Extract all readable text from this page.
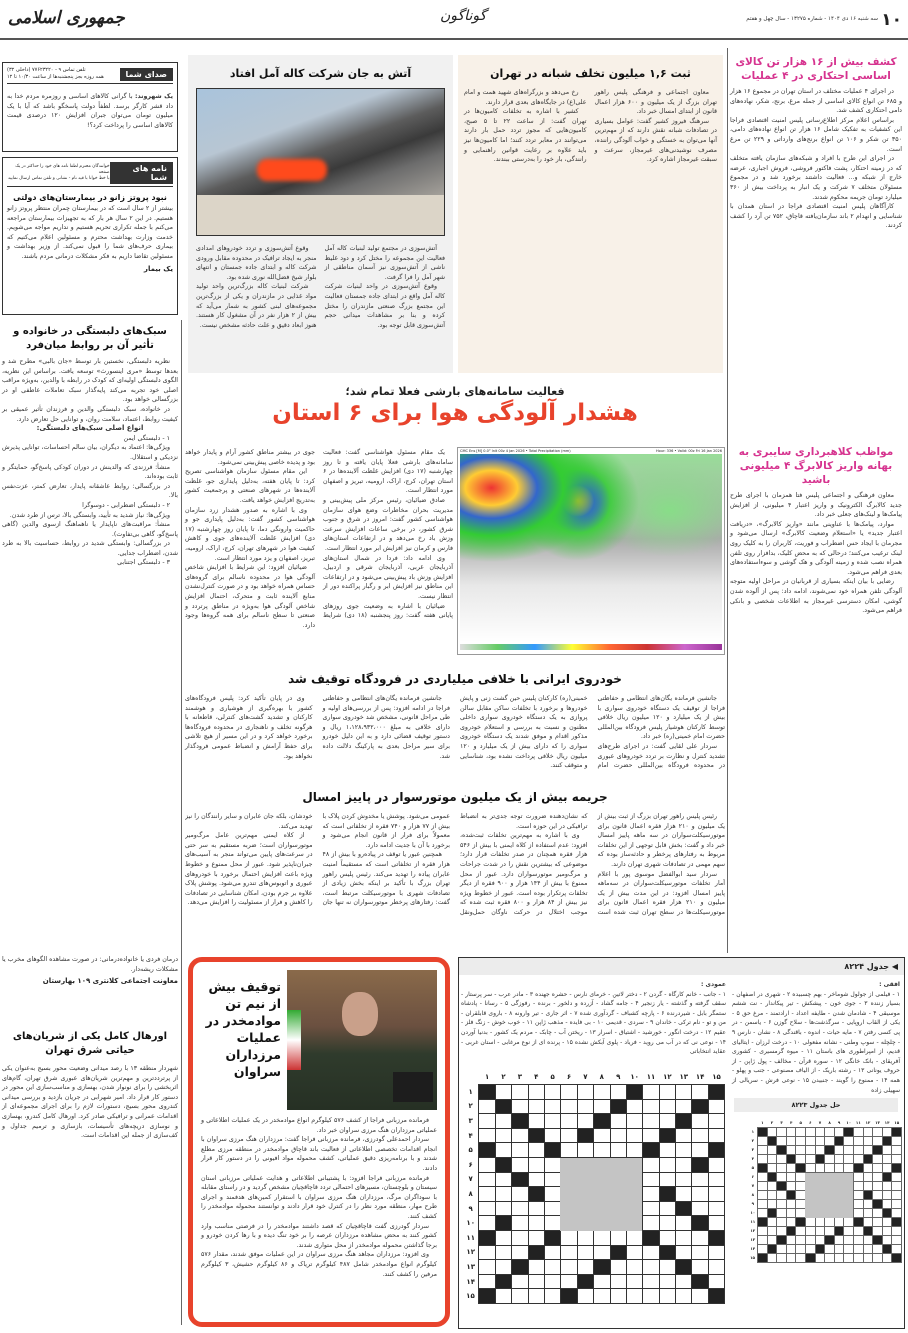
۱۰
سه شنبه ۱۶ دی ۱۴۰۴ - شماره ۱۳۲۷۵ - سال چهل و هفتم
گوناگون
جمهوری اسلامی
کشف بیش از ۱۶ هزار تن کالای اساسی احتکاری در ۴ عملیات

در اجرای ۴ عملیات مختلف در استان تهران در مجموع ۱۶ هزار و ۶۸۵ تن انواع کالای اساسی از جمله مرغ، برنج، شکر، نهاده‌های دامی احتکاری کشف شد.

براساس اعلام مرکز اطلاع‌رسانی پلیس امنیت اقتصادی فراجا این کشفیات به تفکیک شامل ۱۶ هزار تن انواع نهاده‌های دامی، ۳۵۰ تن شکر و ۱۰۶ تن انواع برنج‌های وارداتی و ۲۲۹ تن مرغ است.

در اجرای این طرح با افراد و شبکه‌های سازمان یافته متخلف که در زمینه احتکار، پشت فاکتور فروشی، فروش اجباری، عرضه خارج از شبکه و... فعالیت داشتند برخورد شد و در مجموع مسئولان متخلف ۷ شرکت و یک انبار به پرداخت بیش از ۳۶۰ میلیارد تومان جریمه محکوم شدند.

کارآگاهان پلیس امنیت اقتصادی فراجا در استان همدان با شناسایی و انهدام ۲ باند سازمان‌یافته قاچاق، ۷۵۲ تن آرد را کشف کردند.

مواظب کلاهبرداری سایبری به بهانه واریز کالابرگ ۴ میلیونی باشید

معاون فرهنگی و اجتماعی پلیس فتا همزمان با اجرای طرح جدید کالابرگ الکترونیک و واریز اعتبار ۴ میلیونی، از افزایش پیامک‌ها و لینک‌های جعلی خبر داد.

موارد، پیامک‌ها با عناوینی مانند «واریز کالابرگ»، «دریافت اعتبار جدید» یا «استعلام وضعیت کالابرگ» ارسال می‌شود و مجرمان با ایجاد حس اضطراب و فوریت، کاربران را به کلیک روی لینک ترغیب می‌کنند؛ درحالی که به محض کلیک، بدافزار روی تلفن همراه نصب شده و زمینه آلودگی و هک گوشی و سوءاستفاده‌های بعدی فراهم می‌شود.

رضایی با بیان اینکه بسیاری از قربانیان در مراحل اولیه متوجه آلودگی تلفن همراه خود نمی‌شوند، ادامه داد: پس از آلوده شدن گوشی، امکان دسترسی غیرمجاز به اطلاعات شخصی و بانکی فراهم می‌شود.

ثبت ۱,۶ میلیون تخلف شبانه در تهران

معاون اجتماعی و فرهنگی پلیس راهور تهران بزرگ از یک میلیون و ۶۰۰ هزار اعمال قانون از ابتدای امسال خبر داد.

سرهنگ فیروز کشیر گفت: عوامل بسیاری در تصادفات شبانه نقش دارند که از مهم‌ترین آنها می‌توان به خستگی و خواب آلودگی راننده، مصرف نوشیدنی‌های غیرمجاز، سرعت و سبقت غیرمجاز اشاره کرد.

رخ می‌دهد و بزرگراه‌های شهید همت و امام علی(ع) در جایگاه‌های بعدی قرار دارند.

کشیر با اشاره به تخلفات کامیون‌ها در تهران گفت: از ساعت ۲۲ تا ۵ صبح، کامیون‌هایی که مجوز تردد حمل بار دارند می‌توانند در معابر تردد کنند؛ اما کامیون‌ها نیز باید علاوه بر رعایت قوانین راهنمایی و رانندگی، بار خود را به‌درستی ببندند.

آتش به جان شرکت کاله آمل افتاد

آتش‌سوزی در مجتمع تولید لبنیات کاله آمل فعالیت این مجموعه را مختل کرد و دود غلیظ ناشی از آتش‌سوزی نیز آسمان مناطقی از شهر آمل را فرا گرفت.

وقوع آتش‌سوزی در واحد لبنیات شرکت کاله آمل واقع در ابتدای جاده جمستان فعالیت این مجتمع بزرگ صنعتی مازندران را مختل کرده و بنا بر مشاهدات میدانی حجم آتش‌سوزی قابل توجه بود.

وقوع آتش‌سوزی و تردد خودروهای امدادی منجر به ایجاد ترافیک در محدوده مقابل ورودی شرکت کاله و ابتدای جاده جمستان و انتهای بلوار شیخ فضل‌الله نوری شده بود.

شرکت لبنیات کاله بزرگ‌ترین واحد تولید مواد غذایی در مازندران و یکی از بزرگ‌ترین مجموعه‌های لبنی کشور به شمار می‌آید که بیش از ۲ هزار نفر در آن مشغول کار هستند. هنوز ابعاد دقیق و علت حادثه مشخص نیست.

صدای شما
تلفن تماس ۹ - ۷۷۶۲۳۲۲۰ (داخلی ۳۲)
همه روزه بجز پنجشنبه‌ها از ساعت ۱۰/۳۰ تا ۱۲
یک شهروند: با گرانی کالاهای اساسی و روزمره مردم خدا به داد قشر کارگر برسد. لطفاً دولت پاسخگو باشد که آیا با یک میلیون تومان می‌توان جبران افزایش ۱۲۰ درصدی قیمت کالاهای اساسی را پرداخت کرد؟!
نامه های شما
خوانندگان محترم لطفا نامه های خود را حداکثر در یک صفحه
با خط خوانا با قید نام - نشانی و تلفن تماس ارسال نمایید
نبود پروتز زانو در بیمارستان‌های دولتی
بیشتر از ۲ سال است که در بیمارستان چمران منتظر پروتز زانو هستیم. در این ۲ سال هر بار که به تجهیزات بیمارستان مراجعه می‌کنم با جمله تکراری تحریم هستیم و نداریم مواجه می‌شویم. خدمت وزارت بهداشت محترم و مسئولین اعلام می‌کنیم که بیماری حرف‌های شما را قبول نمی‌کند. از وزیر بهداشت و مسئولین تقاضا داریم به فکر مشکلات درمانی مردم باشند.
یک بیمار
سبک‌های دلبستگی در خانواده و تأثیر آن بر روابط میان‌فرد

نظریه دلبستگی، نخستین بار توسط «جان بالبی» مطرح شد و بعدها توسط «مری اینسورث» توسعه یافت. براساس این نظریه، الگوی دلبستگی اولیه‌ای که کودک در رابطه با والدین، به‌ویژه مراقب اصلی خود تجربه می‌کند پایه‌گذار سبک تعاملات عاطفی او در بزرگسالی خواهد بود.

در خانواده، سبک دلبستگی والدین و فرزندان تأثیر عمیقی بر کیفیت روابط، اعتماد، سلامت روان، و توانایی حل تعارض دارد.

انواع اصلی سبک‌های دلبستگی:

۱ - دلبستگی ایمن

ویژگی‌ها: اعتماد به دیگران، بیان سالم احساسات، توانایی پذیرش نزدیکی و استقلال.

منشأ: فرزندی که والدینش در دوران کودکی پاسخ‌گو، حمایتگر و ثابت بوده‌اند.

در بزرگسالی: روابط عاشقانه پایدار، تعارض کمتر، عزت‌نفس بالا.

۲ - دلبستگی اضطرابی - دوسوگرا

ویژگی‌ها: نیاز شدید به تأیید، وابستگی بالا، ترس از طرد شدن.

منشأ: مراقبت‌های ناپایدار یا ناهماهنگ ازسوی والدین (گاهی پاسخ‌گو، گاهی بی‌تفاوت).

در بزرگسالی: وابستگی شدید در روابط، حساسیت بالا به طرد شدن، اضطراب جدایی.

۳ - دلبستگی اجتنابی

درمان فردی یا خانواده‌درمانی: در صورت مشاهده الگوهای مخرب یا مشکلات ریشه‌دار.
معاونت اجتماعی کلانتری ۱۰۹ بهارستان
اورهال کامل یکی از شریان‌های حیاتی شرق تهران
شهردار منطقه ۱۳ با رصد میدانی وضعیت محور بسیج به‌عنوان یکی از پرترددترین و مهم‌ترین شریان‌های عبوری شرق تهران، گام‌های اثربخشی را برای نونوار شدن، بهسازی و مناسب‌سازی این محور در دستور کار قرار داد. امیر شهرابی در جریان بازدید و بررسی میدانی کندروی محور بسیج، دستورات لازم را برای اجرای مجموعه‌ای از اقدامات عمرانی و ترافیکی صادر کرد. اورهال کامل کندرو، بهسازی و نوسازی دریچه‌های تأسیسات، بازسازی و ترمیم جداول و کف‌سازی از جمله این اقدامات است.
فعالیت سامانه‌های بارشی فعلا تمام شد؛
هشدار آلودگی هوا برای ۶ استان
CMC Ens [M] 0.0° Init 00z 4 Jan 2026 • Total Precipitation (mm)	Hour: 336 • Valid: 00z Fri 16 Jan 2026

یک مقام مسئول هواشناسی گفت: فعالیت سامانه‌های بارشی فعلا پایان یافته و تا روز چهارشنبه (۱۷ دی) افزایش غلظت آلاینده‌ها در ۶ استان تهران، کرج، اراک، ارومیه، تبریز و اصفهان مورد انتظار است.

صادق ضیائیان، رئیس مرکز ملی پیش‌بینی و مدیریت بحران مخاطرات وضع هوای سازمان هواشناسی کشور گفت: امروز در شرق و جنوب شرق کشور، در برخی ساعات افزایش سرعت وزش باد رخ می‌دهد و در ارتفاعات استان‌های فارس و کرمان نیز افزایش ابر مورد انتظار است.

وی ادامه داد: فردا در شمال استان‌های آذربایجان غربی، آذربایجان شرقی و اردبیل، افزایش وزش باد پیش‌بینی می‌شود و در ارتفاعات این مناطق نیز افزایش ابر و رگبار پراکنده دور از انتظار نیست.

ضیائیان با اشاره به وضعیت جوی روزهای پایانی هفته گفت: روز پنجشنبه (۱۸ دی) شرایط جوی در بیشتر مناطق کشور آرام و پایدار خواهد بود و پدیده خاصی پیش‌بینی نمی‌شود.

این مقام مسئول سازمان هواشناسی تصریح کرد: تا پایان هفته، به‌دلیل پایداری جو، غلظت آلاینده‌ها در شهرهای صنعتی و پرجمعیت کشور به‌تدریج افزایش خواهد یافت.

وی با اشاره به صدور هشدار زرد سازمان هواشناسی کشور گفت: به‌دلیل پایداری جو و حاکمیت وارونگی دما، تا پایان روز چهارشنبه (۱۷ دی) افزایش غلظت آلاینده‌های جوی و کاهش کیفیت هوا در شهرهای تهران، کرج، اراک، ارومیه، تبریز، اصفهان و یزد مورد انتظار است.

ضیائیان افزود: این شرایط با افزایش شاخص آلودگی هوا در محدوده ناسالم برای گروه‌های حساس همراه خواهد بود و در صورت کنترل‌نشدن منابع آلاینده ثابت و متحرک، احتمال افزایش شاخص آلودگی هوا به‌ویژه در مناطق پرتردد و صنعتی تا سطح ناسالم برای همه گروه‌ها وجود دارد.

خودروی ایرانی با خلافی میلیاردی در فرودگاه توقیف شد

جانشین فرمانده یگان‌های انتظامی و حفاظتی فراجا از توقیف یک دستگاه خودروی سواری با بیش از یک میلیارد و ۱۲۰ میلیون ریال خلافی توسط کارکنان هوشیار پلیس فرودگاه بین‌المللی حضرت امام خمینی(ره) خبر داد.

سردار علی لقایی گفت: در اجرای طرح‌های تشدید کنترل و نظارت بر تردد خودروهای عبوری در محدوده فرودگاه بین‌المللی حضرت امام خمینی(ره) کارکنان پلیس حین گشت زنی و پایش خودروها و برخورد با تخلفات ساکن مقابل سالن پروازی به یک دستگاه خودروی سواری داخلی مظنون و نسبت به بررسی و استعلام خودروی مذکور اقدام و موفق شدند یک دستگاه خودروی سواری را که دارای بیش از یک میلیارد و ۱۲۰ میلیون ریال خلافی پرداخت نشده بود، شناسایی و متوقف کنند.

جانشین فرمانده یگان‌های انتظامی و حفاظتی فراجا در ادامه افزود: پس از بررسی‌های اولیه و طی مراحل قانونی، مشخص شد خودروی سواری دارای خلافی به مبلغ ۱،۱۲۸،۹۳۲،۰۰۰ ریال و دستور توقیف قضائی دارد و به این دلیل خودرو برای سیر مراحل بعدی به پارکینگ دلالت داده شد.

وی در پایان تأکید کرد: پلیس فرودگاه‌های کشور با بهره‌گیری از هوشیاری و هوشمند کارکنان و تشدید گشت‌های کنترلی، قاطعانه با هرگونه تخلف و ناهنجاری در محدوده فرودگاه‌ها برخورد خواهد کرد و در این مسیر از هیچ تلاشی برای حفظ آرامش و انضباط عمومی فرودگذار نخواهد بود.

جریمه بیش از یک میلیون موتورسوار در پاییز امسال

رئیس پلیس راهور تهران بزرگ از ثبت بیش از یک میلیون و ۲۱۰ هزار فقره اعمال قانون برای موتورسیکلت‌سواران در سه ماهه پاییز امسال خبر داد و گفت: بخش قابل توجهی از این تخلفات مربوط به رفتارهای پرخطر و حادثه‌ساز بوده که سهم مهمی در تصادفات شهری تهران دارند.

سردار سید ابوالفضل موسوی پور با اعلام آمار تخلفات موتورسیکلت‌سواران در سه‌ماهه پاییز امسال افزود: در این مدت بیش از یک میلیون و ۲۱۰ هزار فقره اعمال قانون برای موتورسیکلت‌ها در سطح تهران ثبت شده است که نشان‌دهنده ضرورت توجه جدی‌تر به انضباط ترافیکی در این حوزه است.

وی با اشاره به مهم‌ترین تخلفات ثبت‌شده، افزود: عدم استفاده از کلاه ایمنی با بیش از ۵۴۶ هزار فقره همچنان در صدر تخلفات قرار دارد؛ موضوعی که بیشترین نقش را در شدت جراحات و مرگ‌ومیر موتورسواران دارد. عبور از محل ممنوع با بیش از ۱۴۴ هزار و ۹۰۰ فقره از دیگر تخلفات پرتکرار بوده است. عبور از خطوط ویژه نیز بیش از ۸۴ هزار و ۸۰۰ فقره ثبت شده که موجب اختلال در حرکت ناوگان حمل‌ونقل عمومی می‌شود. پوشش یا مخدوش کردن پلاک با بیش از ۷۷ هزار و ۷۴۰ فقره از تخلفاتی است که معمولاً برای فرار از قانون انجام می‌شود و برخورد با آن با جدیت ادامه دارد.

همچنین عبور یا توقف در پیاده‌رو با بیش از ۴۸ هزار فقره از تخلفاتی است که مستقیماً امنیت عابران پیاده را تهدید می‌کند. رئیس پلیس راهور تهران بزرگ با تأکید بر اینکه بخش زیادی از تصادفات شهری با موتورسیکلت مرتبط است، گفت: رفتارهای پرخطر موتورسواران نه تنها جان خودشان، بلکه جان عابران و سایر رانندگان را نیز تهدید می‌کند.

از کلاه ایمنی مهم‌ترین عامل مرگ‌ومیر موتورسواران است؛ ضربه مستقیم به سر حتی در سرعت‌های پایین می‌تواند منجر به آسیب‌های جبران‌ناپذیر شود. عبور از محل ممنوع و خطوط ویژه باعث افزایش احتمال برخورد با خودروهای عبوری و اتوبوس‌های تندرو می‌شود. پوشش پلاک علاوه بر جرم بودن، امکان شناسایی در تصادفات را کاهش و فرار از مسئولیت را افزایش می‌دهد.

توقیف بیش از نیم تن موادمخدر در عملیات مرزداران سراوان

فرمانده مرزبانی فراجا از کشف ۵۷۶ کیلوگرم انواع موادمخدر در یک عملیات اطلاعاتی و عملیاتی مرزداران هنگ مرزی سراوان خبر داد.

سردار احمدعلی گودرزی، فرمانده مرزبانی فراجا گفت: مرزداران هنگ مرزی سراوان با انجام اقدامات تخصصی اطلاعاتی از فعالیت باند قاچاق موادمخدر در منطقه مرزی مطلع شدند و با برنامه‌ریزی دقیق عملیاتی، کشف محموله مواد افیونی را در دستور کار قرار دادند.

فرمانده مرزبانی فراجا افزود: با پشتیبانی اطلاعاتی و هدایت عملیاتی مرزبانی استان سیستان و بلوچستان، مسیرهای احتمالی تردد قاچاقچیان مشخص گردید و در راستای مقابله با سوداگران مرگ، مرزداران هنگ مرزی سراوان با استقرار کمین‌های هدفمند و اجرای طرح مهار، منطقه مورد نظر را در کنترل خود قرار دادند و توانستند محموله موادمخدر را کشف کنند.

سردار گودرزی گفت قاچاقچیان که قصد داشتند موادمخدر را در فرصتی مناسب وارد کشور کنند به محض مشاهده مرزداران عرصه را بر خود تنگ دیده و با رها کردن خودرو و برجا گذاشتن محموله موادمخدر از محل متواری شدند.

وی افزود: مرزداران مجاهد هنگ مرزی سراوان در این عملیات موفق شدند، مقدار ۵۷۶ کیلوگرم انواع موادمخدر شامل ۴۸۷ کیلوگرم تریاک و ۸۶ کیلوگرم حشیش، ۳ کیلوگرم مرفین را کشف کنند.

◀

جدول ۸۲۲۴
افقی :
۱ - فیلمی از جولول شوماخر - بهم چسبیده ۲ - شهری در اصفهان - بسیار زننده ۳ - جوی خون - پیشکش - تیر پیکاندار - نت ششم موسیقی ۴ - شادمان شدن - طایفه اعداد - ارادتمند - مرغ حق ۵ - یکی از القاب اروپایی - سرگذشت‌ها - سلاح گوزن ۶ - یاسمن - در پی کسی رفتن ۷ - مایه حیات - اندوه - باقندگی ۸ - نشان - نارس ۹ - چلچله - سوپ وطنی - نشانه مفعولی ۱۰ - درخت لرزان - ایتالیای قدیم، از امپراطوری های باستان ۱۱ - میوه گرمسیری - کشوری آفریقای - بانک خانگی ۱۲ - سوره قرآن - مخالف - پول ژاپن - از حروف یونانی ۱۳ - رشته باریک - از الیاف مصنوعی - جنب و پهلو - همه ۱۴ - ممنوع را گویند - جنبیدن ۱۵ - نوعی فرش - سریالی از سهیلی زاده
عمودی :
۱ - جانب - خانم کارگاه - گردن ۲ - دختر لاتین - خرمای نارس - حشره جهنده ۳ - مادر عرب - سر پرستار - سقف گرفته و گذشته - یار زنجیر ۴ - جامه گشاد - آزرده و دلخور - برنده - رفوزگی ۵ - رسانا - پادشاه ستمگر بابل - شیردرنده ۶ - پارچه کشباف - گردآوری شده ۷ - اثر جاری - تیر وارونه ۸ - باروی قابلقران - من و تو - نام ترکی - خاندان ۹ - سردی - قدیمی ۱۰ - بی فایده - مذهب ژاپن ۱۱ - خوب خوش - زنگ فلز - عقیم ۱۲ - درخت انگور - خورشید - اشتیاق - اسرار ۱۳ - ریختن آب - چابک - مردم یک کشور - بدنیا آوردن ۱۴ - نوعی نی که در آب می روید - فریاد - پلوی آبکش نشده ۱۵ - پرنده ای از نوع مرغابی - استان غربی - عقاید انتخاباتی
۱۵	۱۴	۱۳	۱۲	۱۱	۱۰	۹	۸	۷	۶	۵	۴	۳	۲	۱	
															۱
															۲
															۳
															۴
															۵
															۶
															۷
															۸
															۹
															۱۰
															۱۱
															۱۲
															۱۳
															۱۴
															۱۵
حل جدول ۸۲۲۳
۱۵	۱۴	۱۳	۱۲	۱۱	۱۰	۹	۸	۷	۶	۵	۴	۳	۲	۱	
															۱
															۲
															۳
															۴
															۵
															۶
															۷
															۸
															۹
															۱۰
															۱۱
															۱۲
															۱۳
															۱۴
															۱۵
